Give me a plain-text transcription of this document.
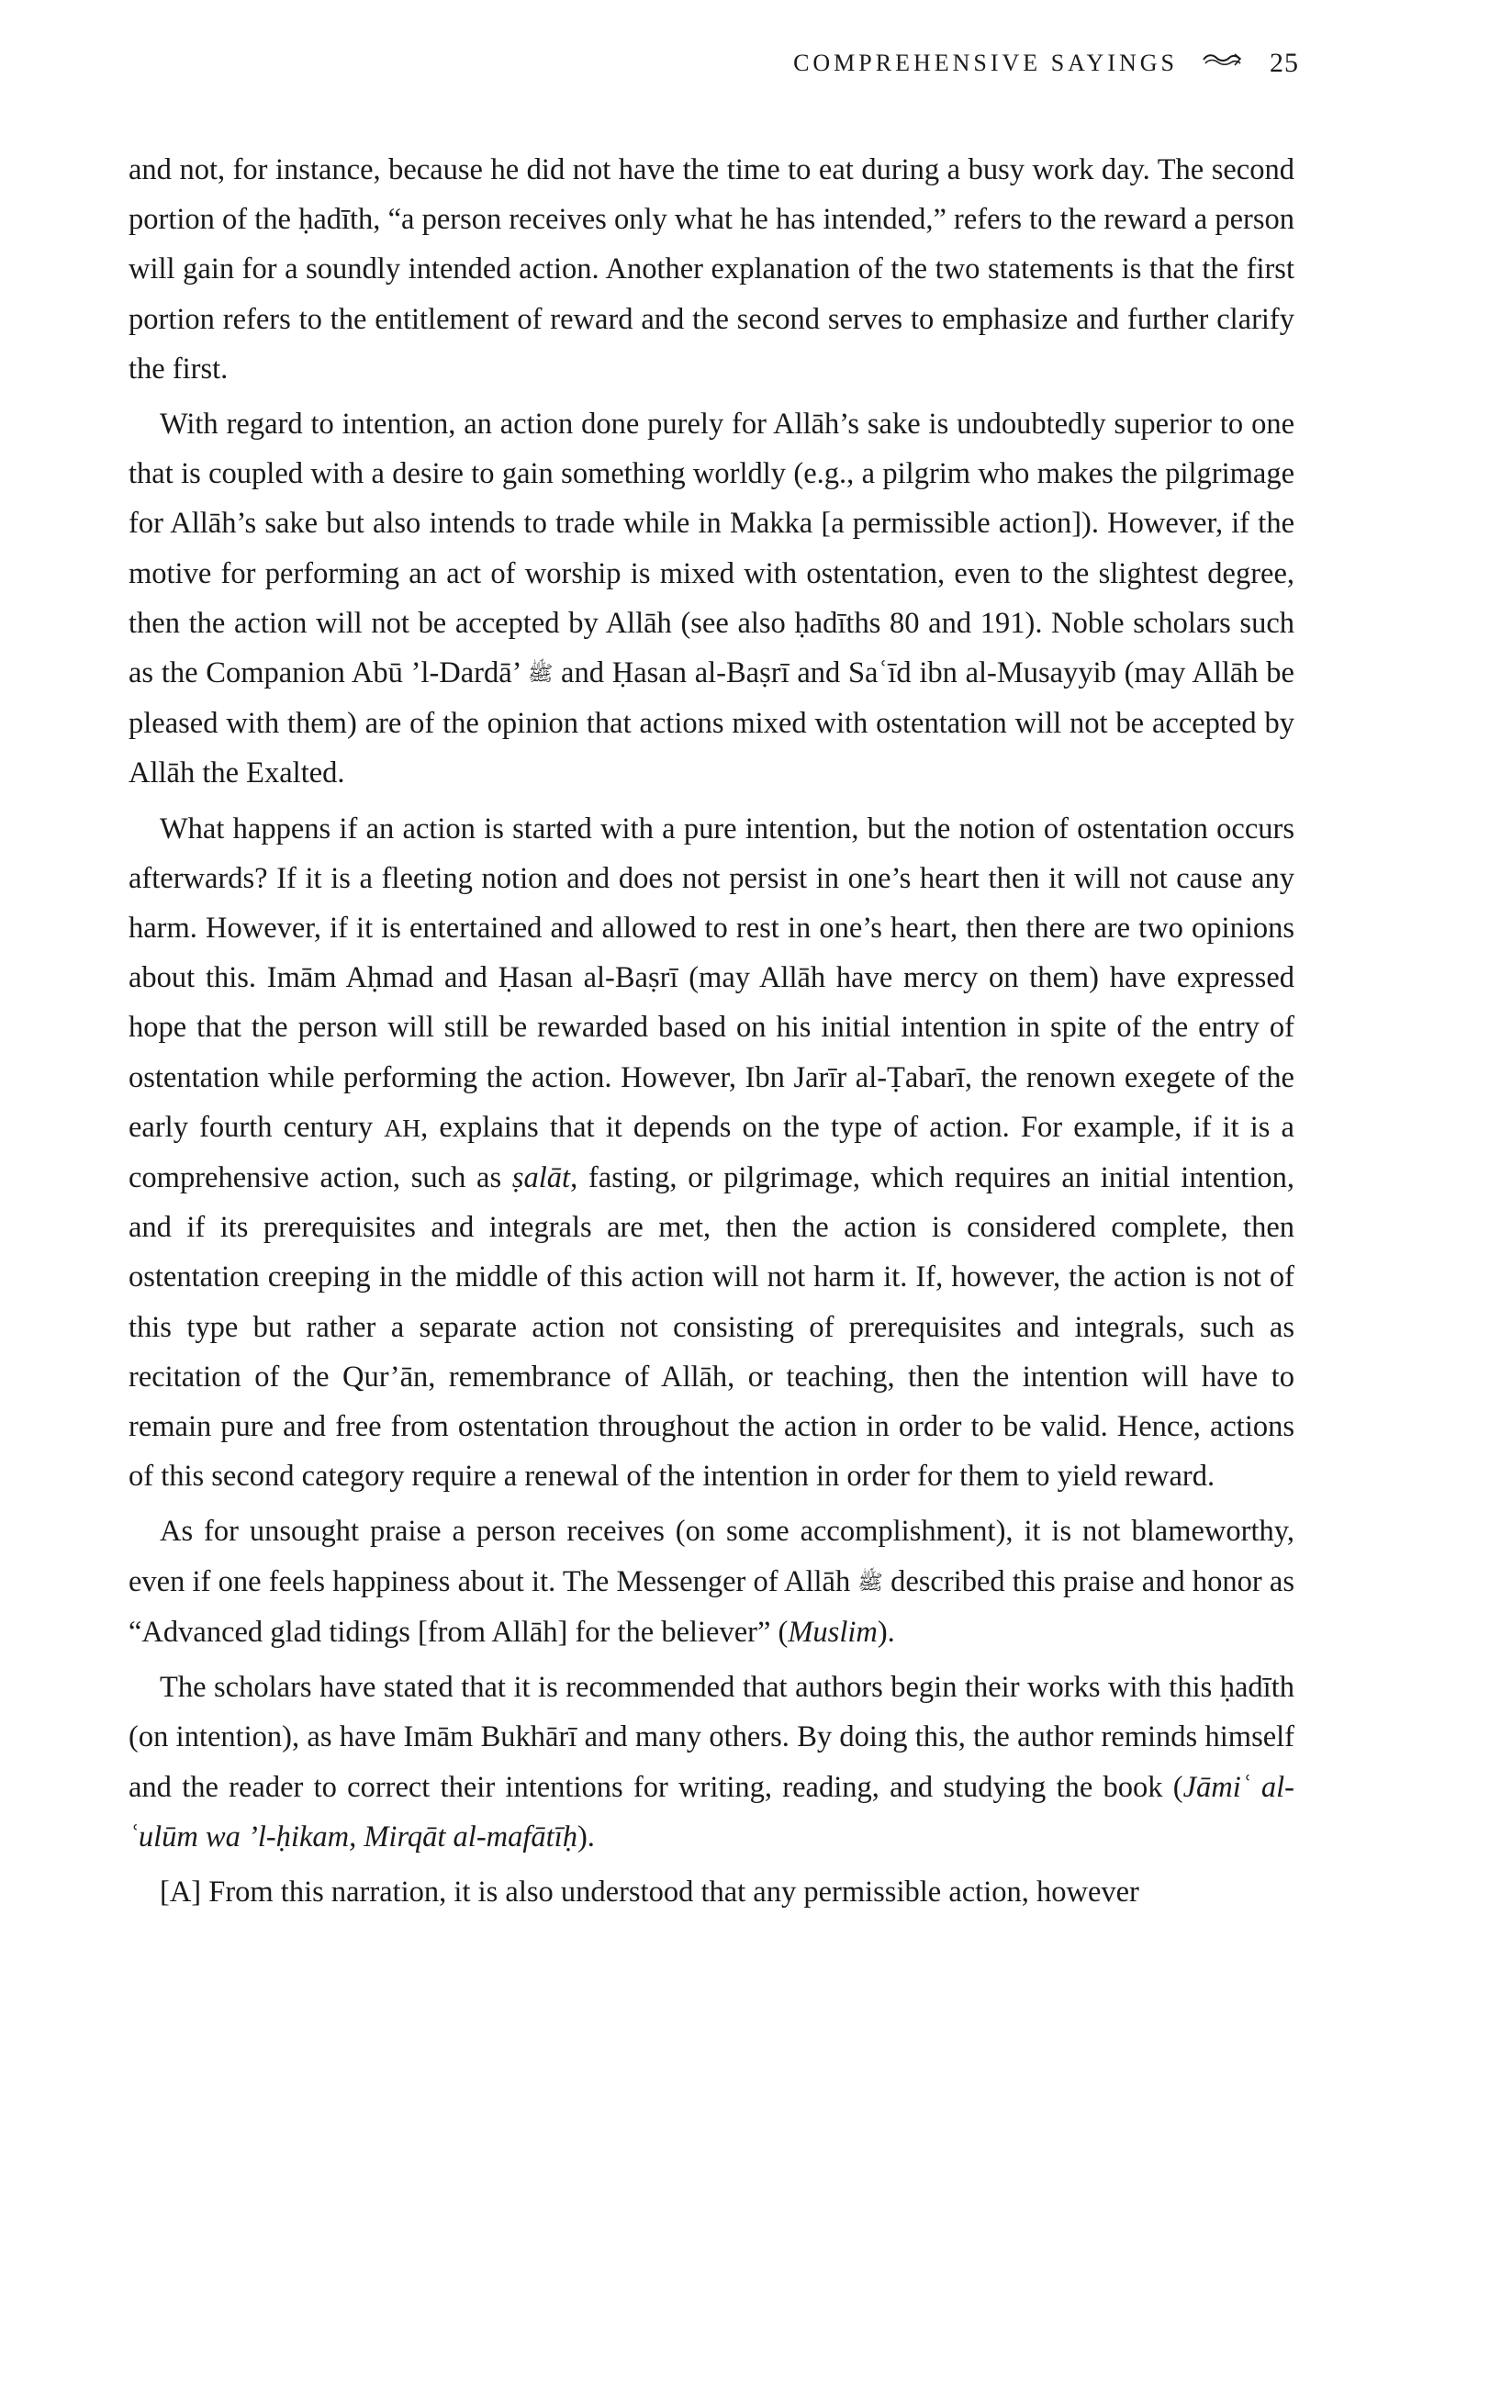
COMPREHENSIVE SAYINGS	25

and not, for instance, because he did not have the time to eat during a busy work day. The second portion of the ḥadīth, “a person receives only what he has intended,” refers to the reward a person will gain for a soundly intended action. Another explanation of the two statements is that the first portion refers to the entitlement of reward and the second serves to emphasize and further clarify the first.

With regard to intention, an action done purely for Allāh’s sake is undoubtedly superior to one that is coupled with a desire to gain something worldly (e.g., a pilgrim who makes the pilgrimage for Allāh’s sake but also intends to trade while in Makka [a permissible action]). However, if the motive for performing an act of worship is mixed with ostentation, even to the slightest degree, then the action will not be accepted by Allāh (see also ḥadīths 80 and 191). Noble scholars such as the Companion Abū ’l-Dardā’ ﷺ and Ḥasan al-Baṣrī and Saʿīd ibn al-Musayyib (may Allāh be pleased with them) are of the opinion that actions mixed with ostentation will not be accepted by Allāh the Exalted.

What happens if an action is started with a pure intention, but the notion of ostentation occurs afterwards? If it is a fleeting notion and does not persist in one’s heart then it will not cause any harm. However, if it is entertained and allowed to rest in one’s heart, then there are two opinions about this. Imām Aḥmad and Ḥasan al-Baṣrī (may Allāh have mercy on them) have expressed hope that the person will still be rewarded based on his initial intention in spite of the entry of ostentation while performing the action. However, Ibn Jarīr al-Ṭabarī, the renown exegete of the early fourth century AH, explains that it depends on the type of action. For example, if it is a comprehensive action, such as ṣalāt, fasting, or pilgrimage, which requires an initial intention, and if its prerequisites and integrals are met, then the action is considered complete, then ostentation creeping in the middle of this action will not harm it. If, however, the action is not of this type but rather a separate action not consisting of prerequisites and integrals, such as recitation of the Qur’ān, remembrance of Allāh, or teaching, then the intention will have to remain pure and free from ostentation throughout the action in order to be valid. Hence, actions of this second category require a renewal of the intention in order for them to yield reward.

As for unsought praise a person receives (on some accomplishment), it is not blameworthy, even if one feels happiness about it. The Messenger of Allāh ﷺ described this praise and honor as “Advanced glad tidings [from Allāh] for the believer” (Muslim).

The scholars have stated that it is recommended that authors begin their works with this ḥadīth (on intention), as have Imām Bukhārī and many others. By doing this, the author reminds himself and the reader to correct their intentions for writing, reading, and studying the book (Jāmiʿ al-ʿulūm wa ’l-ḥikam, Mirqāt al-mafātīḥ).

[A] From this narration, it is also understood that any permissible action, however
